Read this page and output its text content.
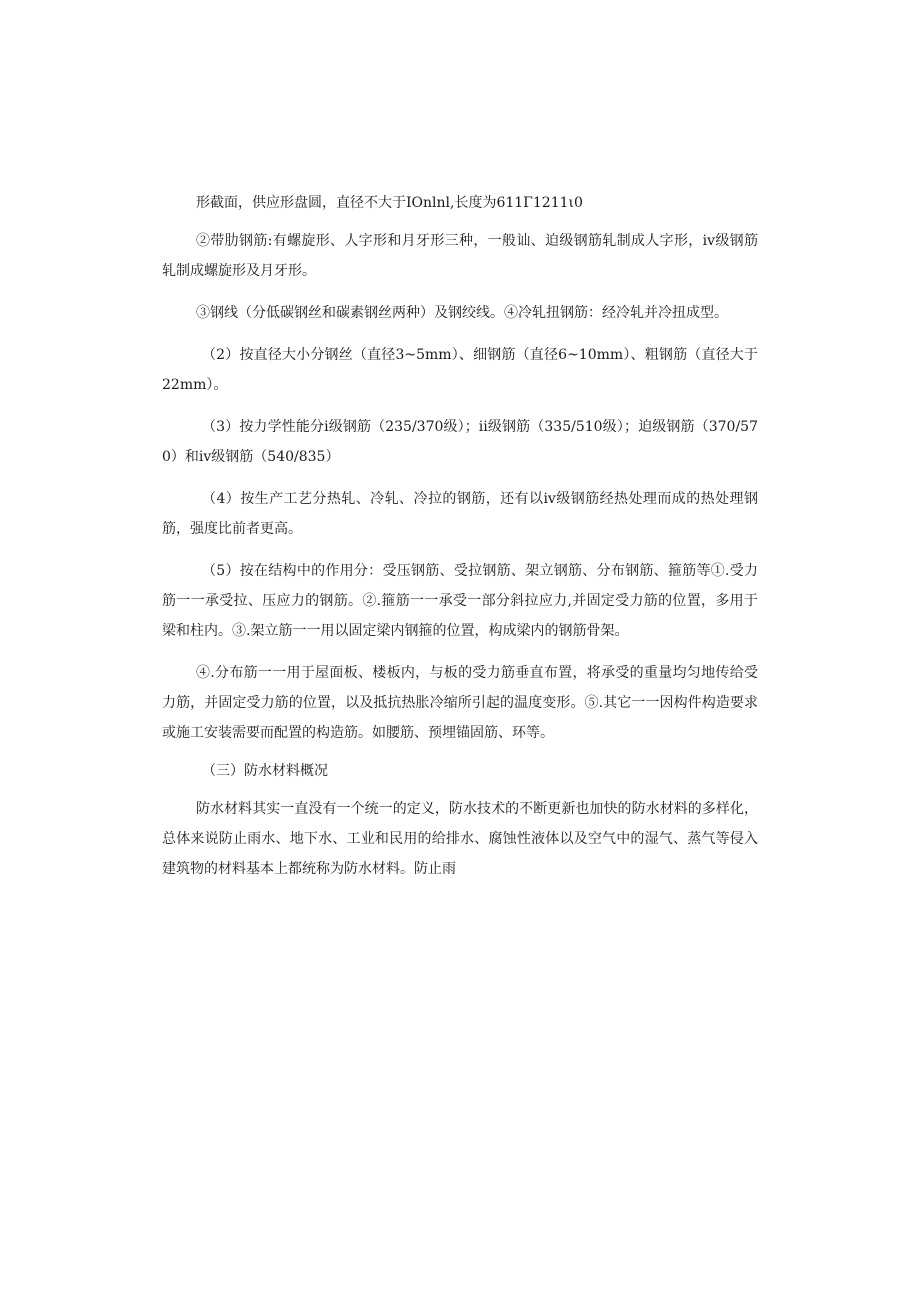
形截面，供应形盘圆，直径不大于IOnlnl,长度为611Γ1211ι0

②带肋钢筋:有螺旋形、人字形和月牙形三种，一般讪、迫级钢筋轧制成人字形，iv级钢筋轧制成螺旋形及月牙形。

③钢线（分低碳钢丝和碳素钢丝两种）及钢绞线。④冷轧扭钢筋：经冷轧并冷扭成型。

（2）按直径大小分钢丝（直径3~5mm）、细钢筋（直径6~10mm）、粗钢筋（直径大于22mm）。

（3）按力学性能分i级钢筋（235/370级）；ii级钢筋（335/510级）；迫级钢筋（370/570）和iv级钢筋（540/835）

（4）按生产工艺分热轧、冷轧、冷拉的钢筋，还有以iv级钢筋经热处理而成的热处理钢筋，强度比前者更高。

（5）按在结构中的作用分：受压钢筋、受拉钢筋、架立钢筋、分布钢筋、箍筋等①.受力筋一一承受拉、压应力的钢筋。②.箍筋一一承受一部分斜拉应力,并固定受力筋的位置，多用于梁和柱内。③.架立筋一一用以固定梁内钢箍的位置，构成梁内的钢筋骨架。

④.分布筋一一用于屋面板、楼板内，与板的受力筋垂直布置，将承受的重量均匀地传给受力筋，并固定受力筋的位置，以及抵抗热胀冷缩所引起的温度变形。⑤.其它一一因构件构造要求或施工安装需要而配置的构造筋。如腰筋、预埋锚固筋、环等。

（三）防水材料概况

防水材料其实一直没有一个统一的定义，防水技术的不断更新也加快的防水材料的多样化，总体来说防止雨水、地下水、工业和民用的给排水、腐蚀性液体以及空气中的湿气、蒸气等侵入建筑物的材料基本上都统称为防水材料。防止雨
